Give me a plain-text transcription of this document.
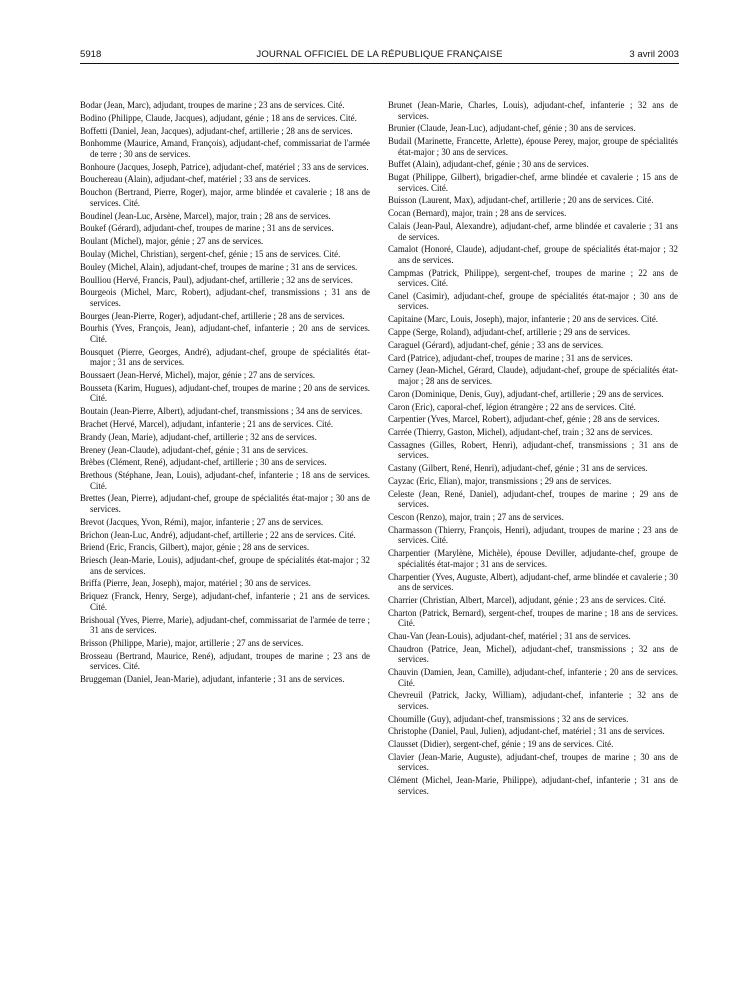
5918	JOURNAL OFFICIEL DE LA RÉPUBLIQUE FRANÇAISE	3 avril 2003

Bodar (Jean, Marc), adjudant, troupes de marine ; 23 ans de services. Cité.

Bodino (Philippe, Claude, Jacques), adjudant, génie ; 18 ans de services. Cité.

Boffetti (Daniel, Jean, Jacques), adjudant-chef, artillerie ; 28 ans de services.

Bonhomme (Maurice, Amand, François), adjudant-chef, commissariat de l'armée de terre ; 30 ans de services.

Bonhoure (Jacques, Joseph, Patrice), adjudant-chef, matériel ; 33 ans de services.

Bouchereau (Alain), adjudant-chef, matériel ; 33 ans de services.

Bouchon (Bertrand, Pierre, Roger), major, arme blindée et cavalerie ; 18 ans de services. Cité.

Boudinel (Jean-Luc, Arsène, Marcel), major, train ; 28 ans de services.

Boukef (Gérard), adjudant-chef, troupes de marine ; 31 ans de services.

Boulant (Michel), major, génie ; 27 ans de services.

Boulay (Michel, Christian), sergent-chef, génie ; 15 ans de services. Cité.

Bouley (Michel, Alain), adjudant-chef, troupes de marine ; 31 ans de services.

Boulliou (Hervé, Francis, Paul), adjudant-chef, artillerie ; 32 ans de services.

Bourgeois (Michel, Marc, Robert), adjudant-chef, transmissions ; 31 ans de services.

Bourges (Jean-Pierre, Roger), adjudant-chef, artillerie ; 28 ans de services.

Bourhis (Yves, François, Jean), adjudant-chef, infanterie ; 20 ans de services. Cité.

Bousquet (Pierre, Georges, André), adjudant-chef, groupe de spécialités état-major ; 31 ans de services.

Boussaert (Jean-Hervé, Michel), major, génie ; 27 ans de services.

Bousseta (Karim, Hugues), adjudant-chef, troupes de marine ; 20 ans de services. Cité.

Boutain (Jean-Pierre, Albert), adjudant-chef, transmissions ; 34 ans de services.

Brachet (Hervé, Marcel), adjudant, infanterie ; 21 ans de services. Cité.

Brandy (Jean, Marie), adjudant-chef, artillerie ; 32 ans de services.

Breney (Jean-Claude), adjudant-chef, génie ; 31 ans de services.

Brèbes (Clément, René), adjudant-chef, artillerie ; 30 ans de services.

Brethous (Stéphane, Jean, Louis), adjudant-chef, infanterie ; 18 ans de services. Cité.

Brettes (Jean, Pierre), adjudant-chef, groupe de spécialités état-major ; 30 ans de services.

Brevot (Jacques, Yvon, Rémi), major, infanterie ; 27 ans de services.

Brichon (Jean-Luc, André), adjudant-chef, artillerie ; 22 ans de services. Cité.

Briend (Eric, Francis, Gilbert), major, génie ; 28 ans de services.

Briesch (Jean-Marie, Louis), adjudant-chef, groupe de spécialités état-major ; 32 ans de services.

Briffa (Pierre, Jean, Joseph), major, matériel ; 30 ans de services.

Briquez (Franck, Henry, Serge), adjudant-chef, infanterie ; 21 ans de services. Cité.

Brishoual (Yves, Pierre, Marie), adjudant-chef, commissariat de l'armée de terre ; 31 ans de services.

Brisson (Philippe, Marie), major, artillerie ; 27 ans de services.

Brosseau (Bertrand, Maurice, René), adjudant, troupes de marine ; 23 ans de services. Cité.

Bruggeman (Daniel, Jean-Marie), adjudant, infanterie ; 31 ans de services.

Brunet (Jean-Marie, Charles, Louis), adjudant-chef, infanterie ; 32 ans de services.

Brunier (Claude, Jean-Luc), adjudant-chef, génie ; 30 ans de services.

Budail (Marinette, Francette, Arlette), épouse Perey, major, groupe de spécialités état-major ; 30 ans de services.

Buffet (Alain), adjudant-chef, génie ; 30 ans de services.

Bugat (Philippe, Gilbert), brigadier-chef, arme blindée et cavalerie ; 15 ans de services. Cité.

Buisson (Laurent, Max), adjudant-chef, artillerie ; 20 ans de services. Cité.

Cocan (Bernard), major, train ; 28 ans de services.

Calais (Jean-Paul, Alexandre), adjudant-chef, arme blindée et cavalerie ; 31 ans de services.

Camalot (Honoré, Claude), adjudant-chef, groupe de spécialités état-major ; 32 ans de services.

Campmas (Patrick, Philippe), sergent-chef, troupes de marine ; 22 ans de services. Cité.

Canel (Casimir), adjudant-chef, groupe de spécialités état-major ; 30 ans de services.

Capitaine (Marc, Louis, Joseph), major, infanterie ; 20 ans de services. Cité.

Cappe (Serge, Roland), adjudant-chef, artillerie ; 29 ans de services.

Caraguel (Gérard), adjudant-chef, génie ; 33 ans de services.

Card (Patrice), adjudant-chef, troupes de marine ; 31 ans de services.

Carney (Jean-Michel, Gérard, Claude), adjudant-chef, groupe de spécialités état-major ; 28 ans de services.

Caron (Dominique, Denis, Guy), adjudant-chef, artillerie ; 29 ans de services.

Caron (Eric), caporal-chef, légion étrangère ; 22 ans de services. Cité.

Carpentier (Yves, Marcel, Robert), adjudant-chef, génie ; 28 ans de services.

Carrée (Thierry, Gaston, Michel), adjudant-chef, train ; 32 ans de services.

Cassagnes (Gilles, Robert, Henri), adjudant-chef, transmissions ; 31 ans de services.

Castany (Gilbert, René, Henri), adjudant-chef, génie ; 31 ans de services.

Cayzac (Eric, Elian), major, transmissions ; 29 ans de services.

Celeste (Jean, René, Daniel), adjudant-chef, troupes de marine ; 29 ans de services.

Cescon (Renzo), major, train ; 27 ans de services.

Charmasson (Thierry, François, Henri), adjudant, troupes de marine ; 23 ans de services. Cité.

Charpentier (Marylène, Michèle), épouse Deviller, adjudante-chef, groupe de spécialités état-major ; 31 ans de services.

Charpentier (Yves, Auguste, Albert), adjudant-chef, arme blindée et cavalerie ; 30 ans de services.

Charrier (Christian, Albert, Marcel), adjudant, génie ; 23 ans de services. Cité.

Charton (Patrick, Bernard), sergent-chef, troupes de marine ; 18 ans de services. Cité.

Chau-Van (Jean-Louis), adjudant-chef, matériel ; 31 ans de services.

Chaudron (Patrice, Jean, Michel), adjudant-chef, transmissions ; 32 ans de services.

Chauvin (Damien, Jean, Camille), adjudant-chef, infanterie ; 20 ans de services. Cité.

Chevreuil (Patrick, Jacky, William), adjudant-chef, infanterie ; 32 ans de services.

Choumille (Guy), adjudant-chef, transmissions ; 32 ans de services.

Christophe (Daniel, Paul, Julien), adjudant-chef, matériel ; 31 ans de services.

Clausset (Didier), sergent-chef, génie ; 19 ans de services. Cité.

Clavier (Jean-Marie, Auguste), adjudant-chef, troupes de marine ; 30 ans de services.

Clément (Michel, Jean-Marie, Philippe), adjudant-chef, infanterie ; 31 ans de services.
